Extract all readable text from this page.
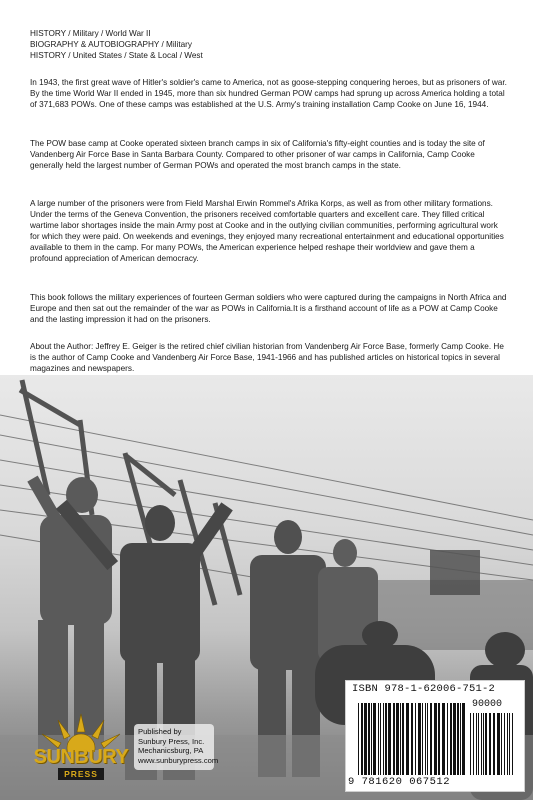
HISTORY / Military / World War II
BIOGRAPHY & AUTOBIOGRAPHY / Military
HISTORY / United States / State & Local / West
In 1943, the first great wave of Hitler's soldier's came to America, not as goose-stepping conquering heroes, but as prisoners of war. By the time World War II ended in 1945, more than six hundred German POW camps had sprung up across America holding a total of 371,683 POWs. One of these camps was established at the U.S. Army's training installation Camp Cooke on June 16, 1944.
The POW base camp at Cooke operated sixteen branch camps in six of California's fifty-eight counties and is today the site of Vandenberg Air Force Base in Santa Barbara County. Compared to other prisoner of war camps in California, Camp Cooke generally held the largest number of German POWs and operated the most branch camps in the state.
A large number of the prisoners were from Field Marshal Erwin Rommel's Afrika Korps, as well as from other military formations. Under the terms of the Geneva Convention, the prisoners received comfortable quarters and excellent care. They filled critical wartime labor shortages inside the main Army post at Cooke and in the outlying civilian communities, performing agricultural work for which they were paid. On weekends and evenings, they enjoyed many recreational entertainment and educational opportunities available to them in the camp. For many POWs, the American experience helped reshape their worldview and gave them a profound appreciation of American democracy.
This book follows the military experiences of fourteen German soldiers who were captured during the campaigns in North Africa and Europe and then sat out the remainder of the war as POWs in California.It is a firsthand account of life as a POW at Camp Cooke and the lasting impression it had on the prisoners.
About the Author: Jeffrey E. Geiger is the retired chief civilian historian from Vandenberg Air Force Base, formerly Camp Cooke. He is the author of Camp Cooke and Vandenberg Air Force Base, 1941-1966 and has published articles on historical topics in several magazines and newspapers.
SUNBURY
PRESS
Published by
Sunbury Press, Inc.
Mechanicsburg, PA
www.sunburypress.com
ISBN 978-1-62006-751-2
90000
9 781620 067512
